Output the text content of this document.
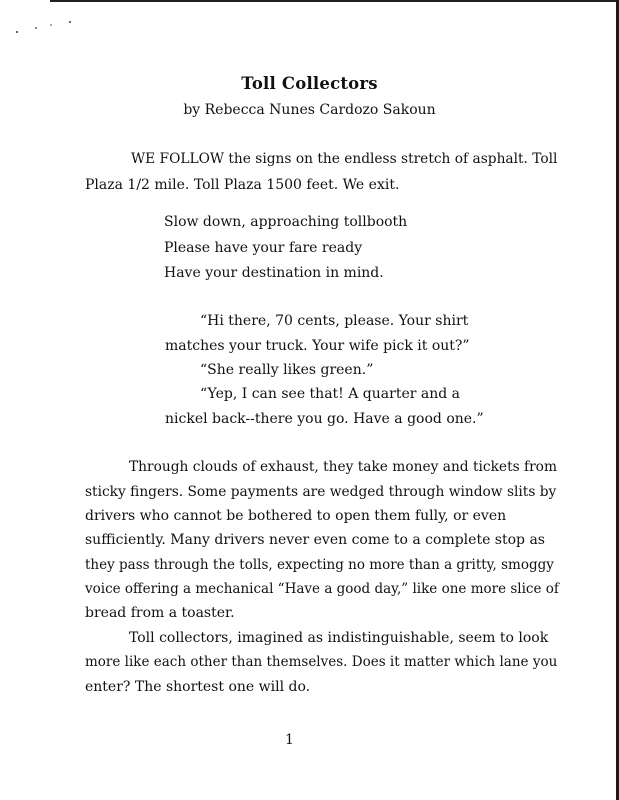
Toll Collectors
by Rebecca Nunes Cardozo Sakoun
WE FOLLOW the signs on the endless stretch of asphalt. Toll
Plaza 1/2 mile. Toll Plaza 1500 feet. We exit.
Slow down, approaching tollbooth
Please have your fare ready
Have your destination in mind.
“Hi there, 70 cents, please. Your shirt
matches your truck. Your wife pick it out?”
“She really likes green.”
“Yep, I can see that! A quarter and a
nickel back--there you go. Have a good one.”
Through clouds of exhaust, they take money and tickets from
sticky fingers. Some payments are wedged through window slits by
drivers who cannot be bothered to open them fully, or even
sufficiently. Many drivers never even come to a complete stop as
they pass through the tolls, expecting no more than a gritty, smoggy
voice offering a mechanical “Have a good day,” like one more slice of
bread from a toaster.
Toll collectors, imagined as indistinguishable, seem to look
more like each other than themselves. Does it matter which lane you
enter? The shortest one will do.
1
